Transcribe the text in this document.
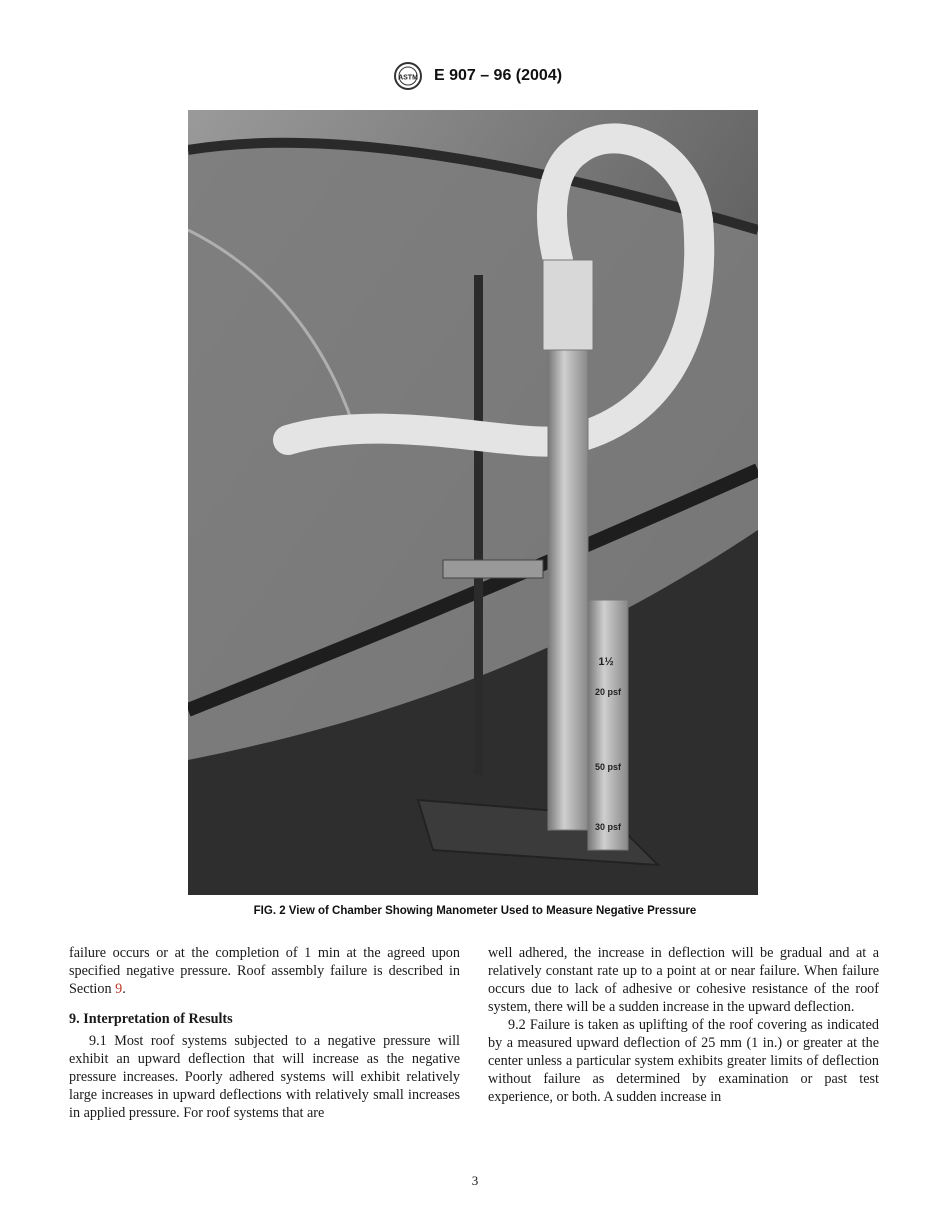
ASTM E 907 – 96 (2004)
1½
20 psf
50 psf
30 psf
FIG. 2 View of Chamber Showing Manometer Used to Measure Negative Pressure

failure occurs or at the completion of 1 min at the agreed upon specified negative pressure. Roof assembly failure is described in Section 9.

9. Interpretation of Results

9.1 Most roof systems subjected to a negative pressure will exhibit an upward deflection that will increase as the negative pressure increases. Poorly adhered systems will exhibit relatively large increases in upward deflections with relatively small increases in applied pressure. For roof systems that are

well adhered, the increase in deflection will be gradual and at a relatively constant rate up to a point at or near failure. When failure occurs due to lack of adhesive or cohesive resistance of the roof system, there will be a sudden increase in the upward deflection.

9.2 Failure is taken as uplifting of the roof covering as indicated by a measured upward deflection of 25 mm (1 in.) or greater at the center unless a particular system exhibits greater limits of deflection without failure as determined by examination or past test experience, or both. A sudden increase in

3
